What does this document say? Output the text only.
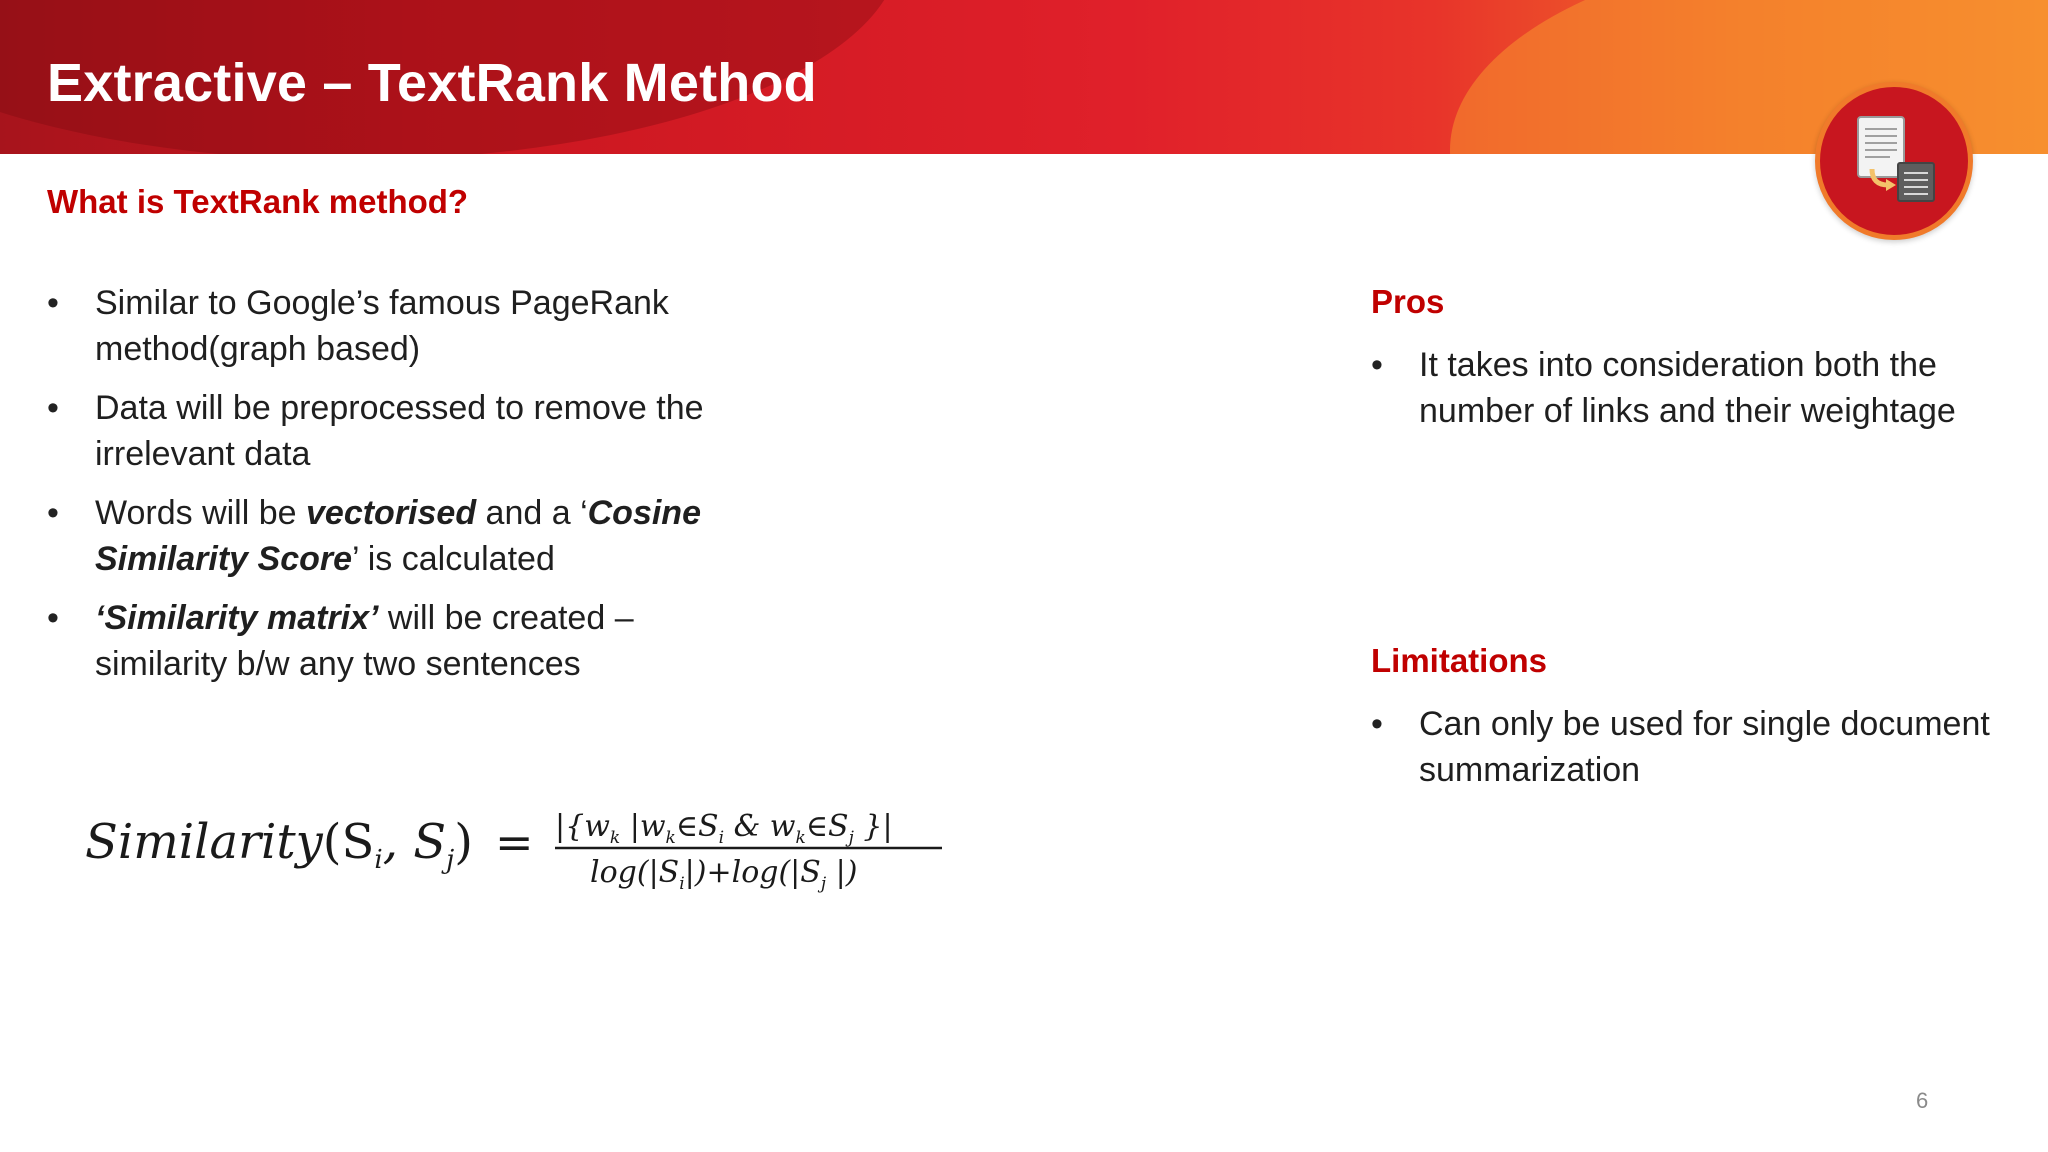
Extractive – TextRank Method
What is TextRank method?
• Similar to Google’s famous PageRank method(graph based)
• Data will be preprocessed to remove the irrelevant data
• Words will be vectorised and a ‘Cosine Similarity Score’ is calculated
• ‘Similarity matrix’ will be created – similarity b/w any two sentences
$Similarity(S_i$, $S_j) = |\{w_k$ $|w_k\in S_i$ & $w_k\in S_j$ }|
$\log(|S_i|)+\log(|S_j$ |)
Pros
• It takes into consideration both the number of links and their weightage
Limitations
• Can only be used for single document summarization
6
